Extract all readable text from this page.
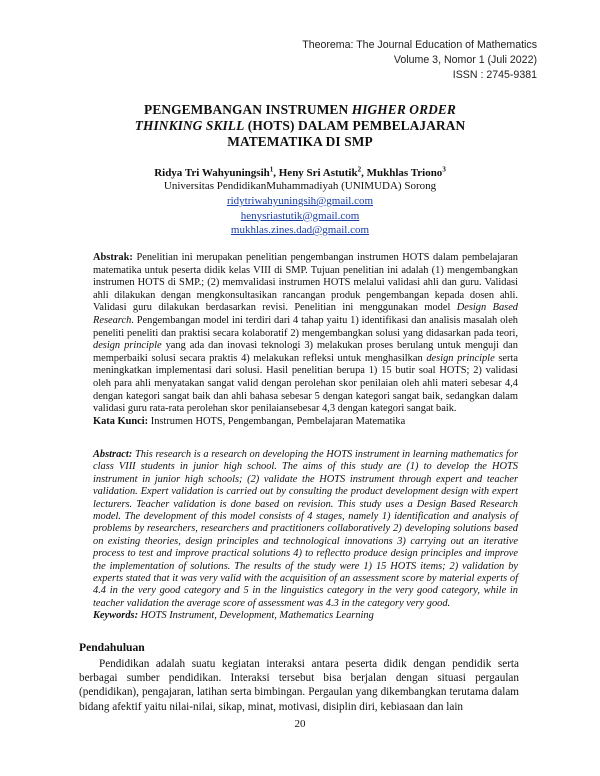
Theorema: The Journal Education of Mathematics
Volume 3, Nomor 1 (Juli 2022)
ISSN : 2745-9381
PENGEMBANGAN INSTRUMEN HIGHER ORDER
THINKING SKILL (HOTS) DALAM PEMBELAJARAN
MATEMATIKA DI SMP
Ridya Tri Wahyuningsih$^1$, Heny Sri Astutik$^2$, Mukhlas Triono$^3$
Universitas PendidikanMuhammadiyah (UNIMUDA) Sorong
ridytriwahyuningsih@gmail.com
henysriastutik@gmail.com
mukhlas.zines.dad@gmail.com

Abstrak: Penelitian ini merupakan penelitian pengembangan instrumen HOTS dalam pembelajaran matematika untuk peserta didik kelas VIII di SMP. Tujuan penelitian ini adalah (1) mengembangkan instrumen HOTS di SMP.; (2) memvalidasi instrumen HOTS melalui validasi ahli dan guru. Validasi ahli dilakukan dengan mengkonsultasikan rancangan produk pengembangan kepada dosen ahli. Validasi guru dilakukan berdasarkan revisi. Penelitian ini menggunakan model Design Based Research. Pengembangan model ini terdiri dari 4 tahap yaitu 1) identifikasi dan analisis masalah oleh peneliti peneliti dan praktisi secara kolaboratif 2) mengembangkan solusi yang didasarkan pada teori, design principle yang ada dan inovasi teknologi 3) melakukan proses berulang untuk menguji dan memperbaiki solusi secara praktis 4) melakukan refleksi untuk menghasilkan design principle serta meningkatkan implementasi dari solusi. Hasil penelitian berupa 1) 15 butir soal HOTS; 2) validasi oleh para ahli menyatakan sangat valid dengan perolehan skor penilaian oleh ahli materi sebesar 4,4 dengan kategori sangat baik dan ahli bahasa sebesar 5 dengan kategori sangat baik, sedangkan dalam validasi guru rata-rata perolehan skor penilaiansebesar 4,3 dengan kategori sangat baik.

Kata Kunci: Instrumen HOTS, Pengembangan, Pembelajaran Matematika

Abstract: This research is a research on developing the HOTS instrument in learning mathematics for class VIII students in junior high school. The aims of this study are (1) to develop the HOTS instrument in junior high schools; (2) validate the HOTS instrument through expert and teacher validation. Expert validation is carried out by consulting the product development design with expert lecturers. Teacher validation is done based on revision. This study uses a Design Based Research model. The development of this model consists of 4 stages, namely 1) identification and analysis of problems by researchers, researchers and practitioners collaboratively 2) developing solutions based on existing theories, design principles and technological innovations 3) carrying out an iterative process to test and improve practical solutions 4) to reflectto produce design principles and improve the implementation of solutions. The results of the study were 1) 15 HOTS items; 2) validation by experts stated that it was very valid with the acquisition of an assessment score by material experts of 4.4 in the very good category and 5 in the linguistics category in the very good category, while in teacher validation the average score of assessment was 4.3 in the category very good.

Keywords: HOTS Instrument, Development, Mathematics Learning

Pendahuluan

Pendidikan adalah suatu kegiatan interaksi antara peserta didik dengan pendidik serta berbagai sumber pendidikan. Interaksi tersebut bisa berjalan dengan situasi pergaulan (pendidikan), pengajaran, latihan serta bimbingan. Pergaulan yang dikembangkan terutama dalam bidang afektif yaitu nilai-nilai, sikap, minat, motivasi, disiplin diri, kebiasaan dan lain

20
